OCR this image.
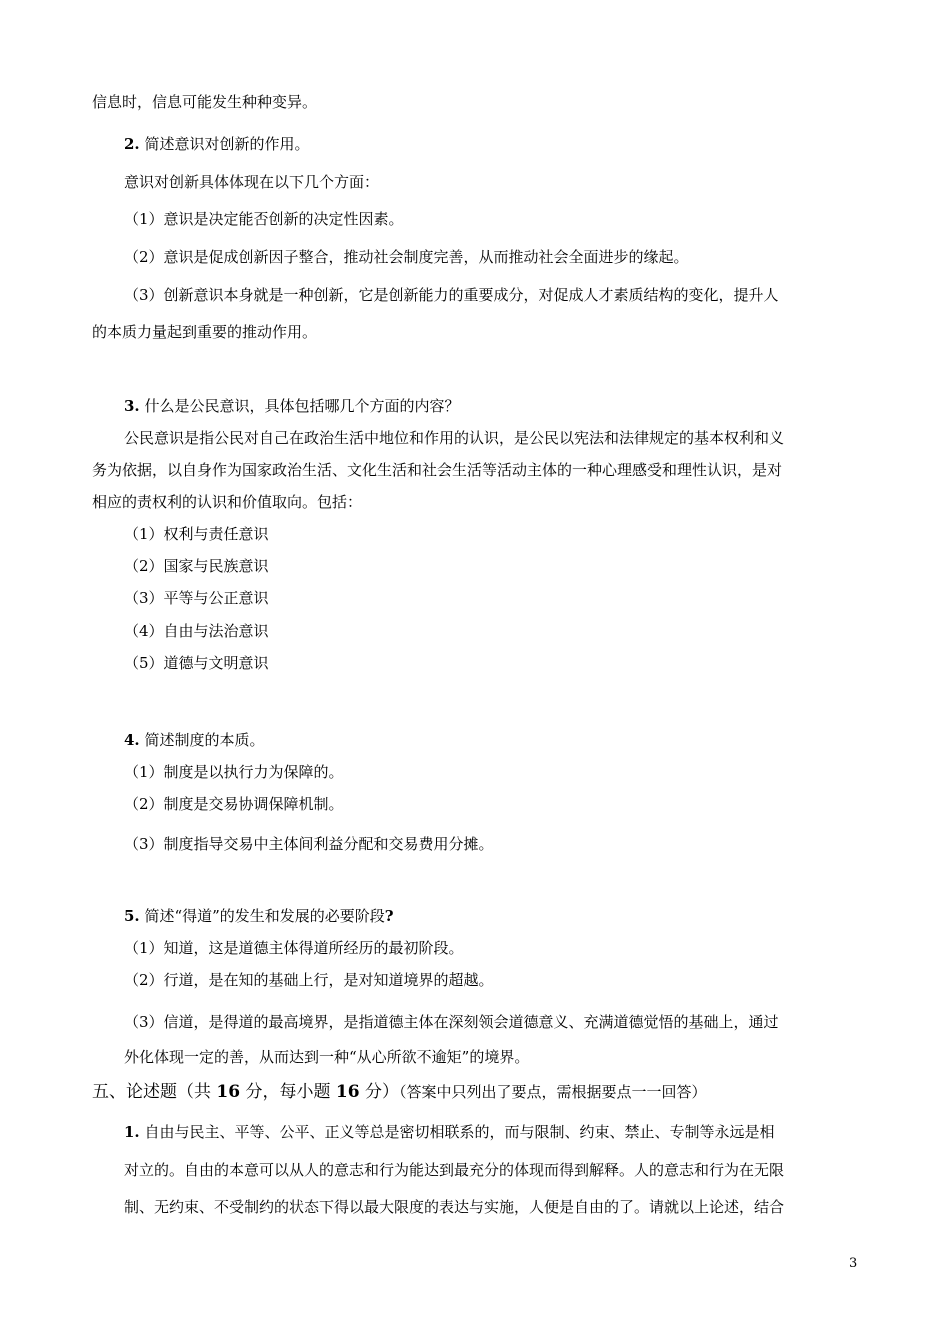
信息时，信息可能发生种种变异。
2. 简述意识对创新的作用。
意识对创新具体体现在以下几个方面：
（1）意识是决定能否创新的决定性因素。
（2）意识是促成创新因子整合，推动社会制度完善，从而推动社会全面进步的缘起。
（3）创新意识本身就是一种创新，它是创新能力的重要成分，对促成人才素质结构的变化，提升人
的本质力量起到重要的推动作用。
3. 什么是公民意识，具体包括哪几个方面的内容？
公民意识是指公民对自己在政治生活中地位和作用的认识，是公民以宪法和法律规定的基本权利和义
务为依据，以自身作为国家政治生活、文化生活和社会生活等活动主体的一种心理感受和理性认识，是对
相应的责权利的认识和价值取向。包括：
（1）权利与责任意识
（2）国家与民族意识
（3）平等与公正意识
（4）自由与法治意识
（5）道德与文明意识
4. 简述制度的本质。
（1）制度是以执行力为保障的。
（2）制度是交易协调保障机制。
（3）制度指导交易中主体间利益分配和交易费用分摊。
5. 简述“得道”的发生和发展的必要阶段?
（1）知道，这是道德主体得道所经历的最初阶段。
（2）行道，是在知的基础上行，是对知道境界的超越。
（3）信道，是得道的最高境界，是指道德主体在深刻领会道德意义、充满道德觉悟的基础上，通过
外化体现一定的善，从而达到一种“从心所欲不逾矩”的境界。
五、论述题（共 16 分，每小题 16 分）（答案中只列出了要点，需根据要点一一回答）
1. 自由与民主、平等、公平、正义等总是密切相联系的，而与限制、约束、禁止、专制等永远是相
对立的。自由的本意可以从人的意志和行为能达到最充分的体现而得到解释。人的意志和行为在无限
制、无约束、不受制约的状态下得以最大限度的表达与实施，人便是自由的了。请就以上论述，结合
3
